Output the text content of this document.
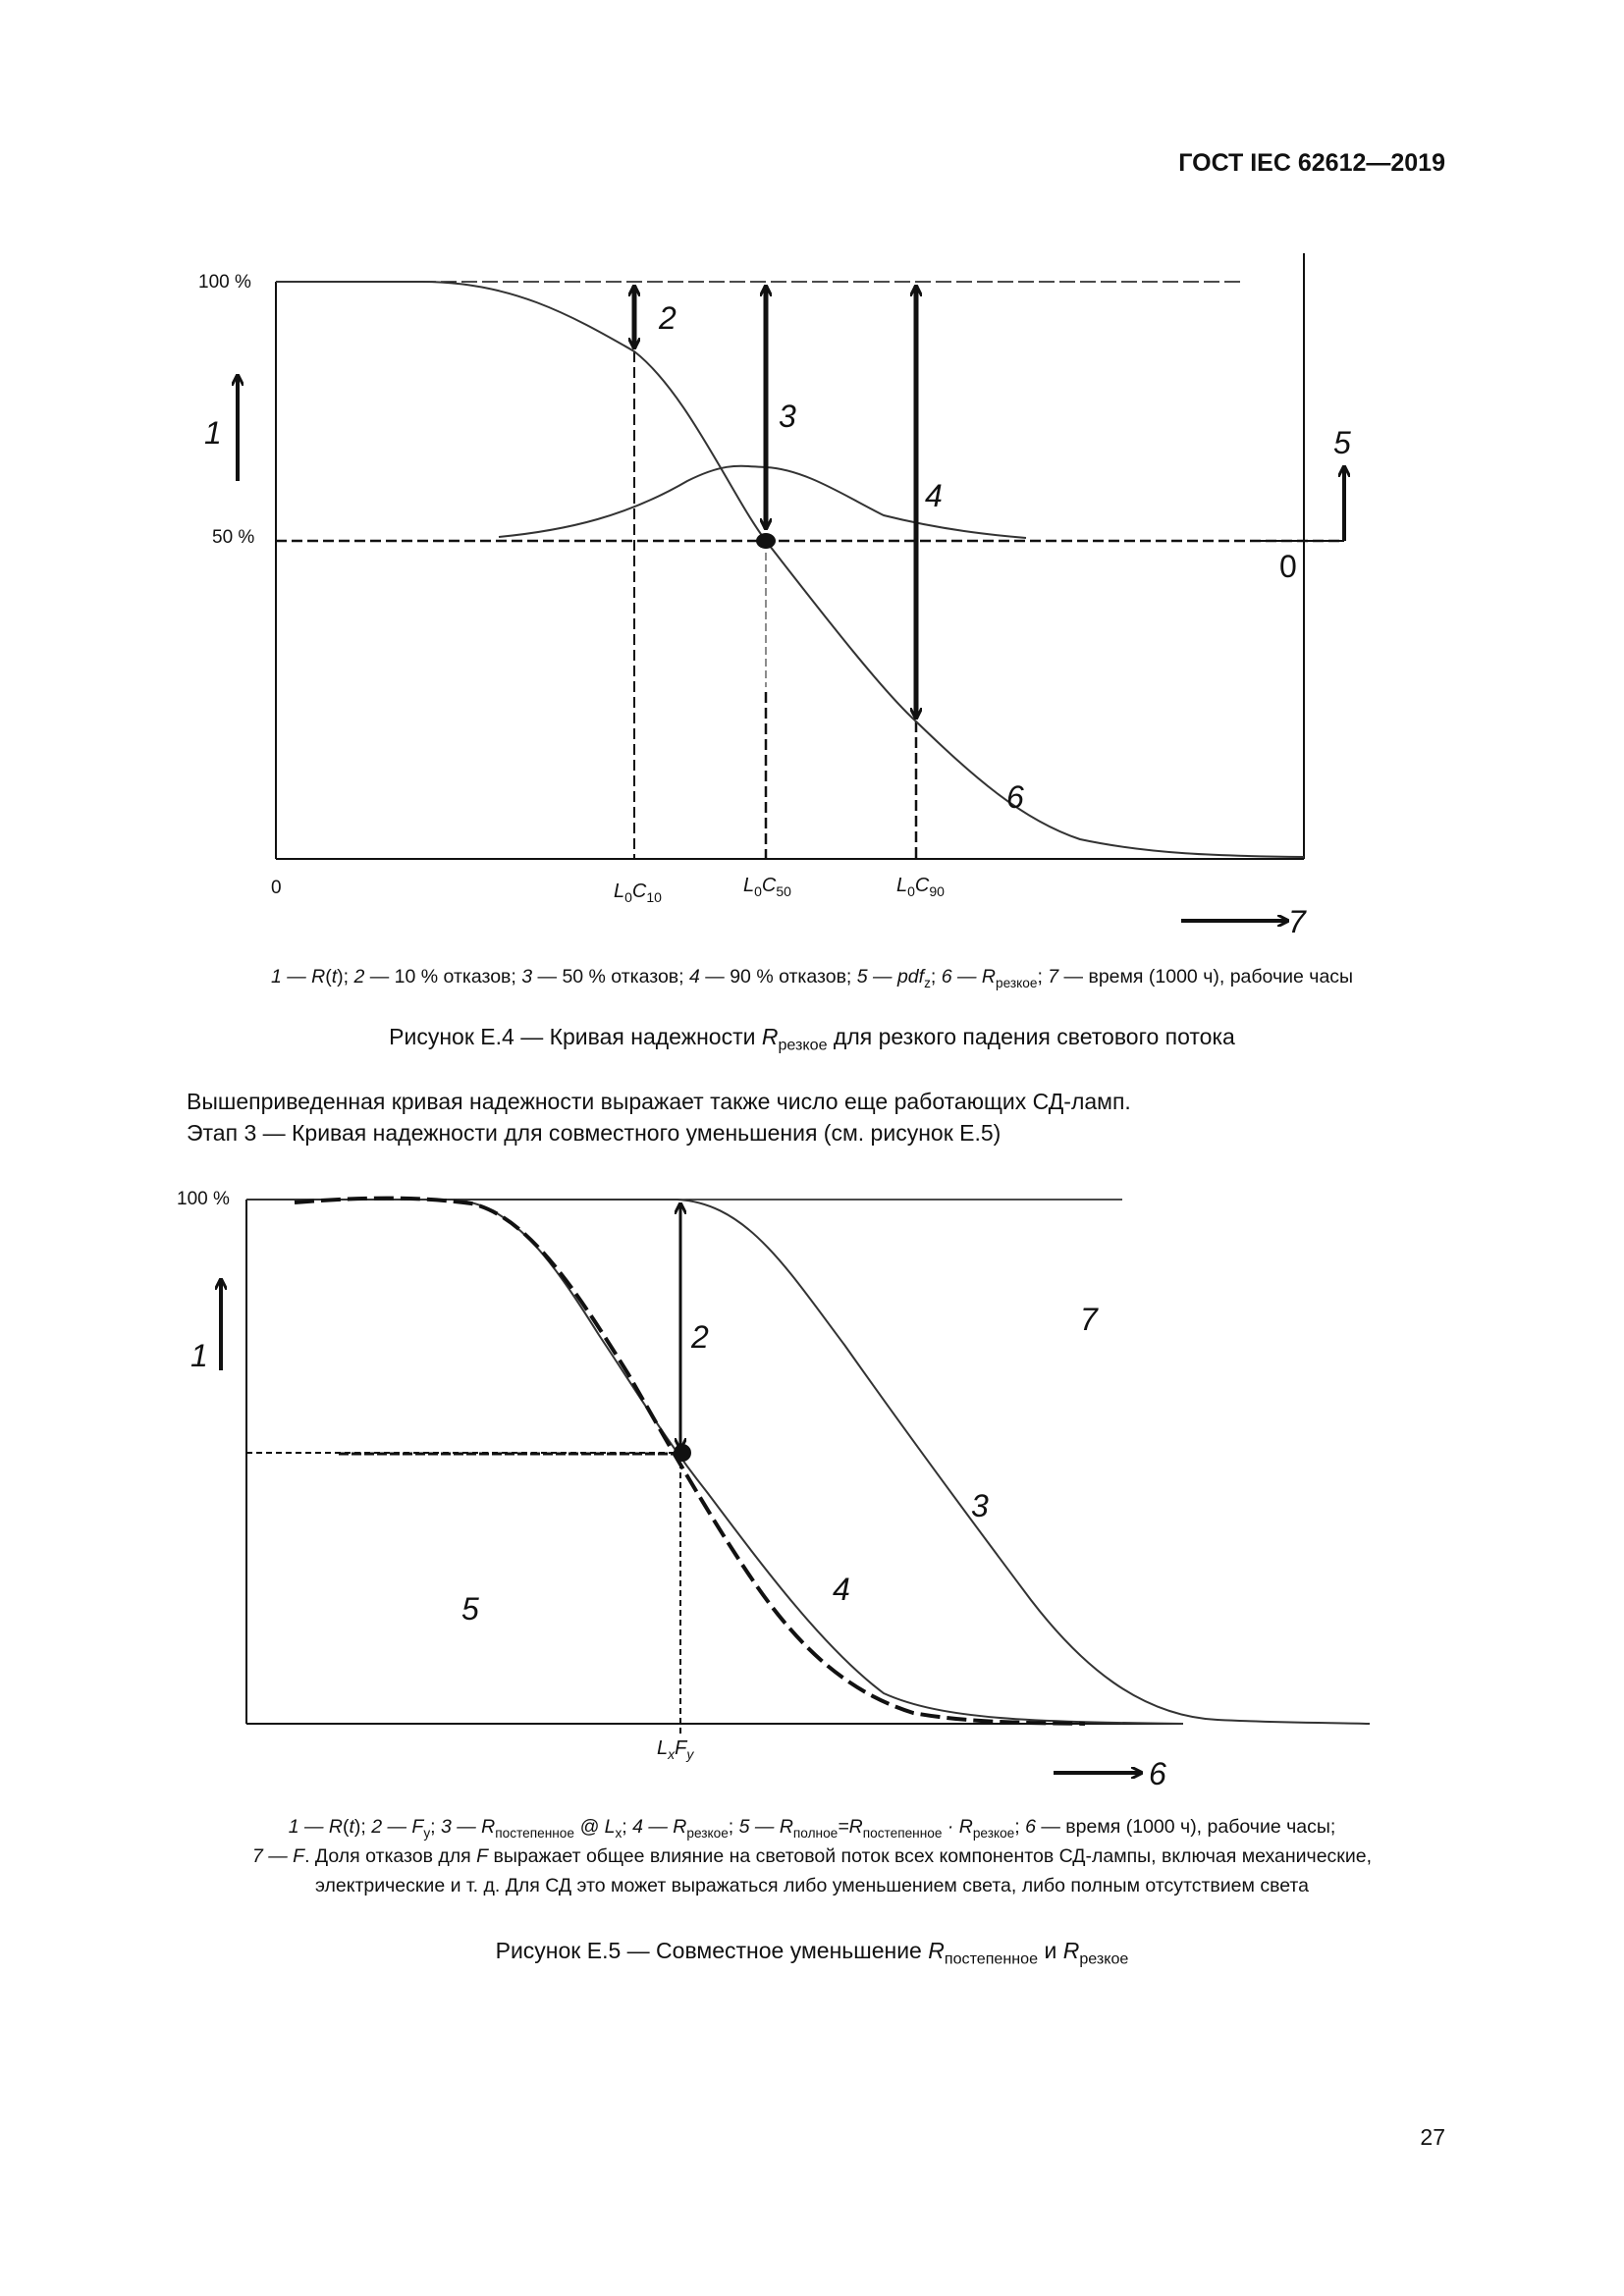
ГОСТ IEC 62612—2019
100 %
50 %
0
1	5
0
7
2
3
4
6
$L_0C_{10}$
$L_0C_{50}$	$L_0C_{90}$
1 — R(t); 2 — 10 % отказов; 3 — 50 % отказов; 4 — 90 % отказов; 5 — pdf$_z$; 6 — $R_{резкое}$; 7 — время (1000 ч), рабочие часы
Рисунок Е.4 — Кривая надежности $R_{резкое}$ для резкого падения светового потока
Вышеприведенная кривая надежности выражает также число еще работающих СД-ламп.
Этап 3 — Кривая надежности для совместного уменьшения (см. рисунок Е.5)
100 %
1
6
2
3
4
5
7
$L_xF_y$
1 — R(t); 2 — $F_y$; 3 — $R_{постепенное}$ @ $L_x$; 4 — $R_{резкое}$; 5 — $R_{полное}=R_{постепенное} \cdot R_{резкое}$; 6 — время (1000 ч), рабочие часы;
7 — F. Доля отказов для F выражает общее влияние на световой поток всех компонентов СД-лампы, включая механические,
электрические и т. д. Для СД это может выражаться либо уменьшением света, либо полным отсутствием света
Рисунок Е.5 — Совместное уменьшение $R_{постепенное}$ и $R_{резкое}$
27
